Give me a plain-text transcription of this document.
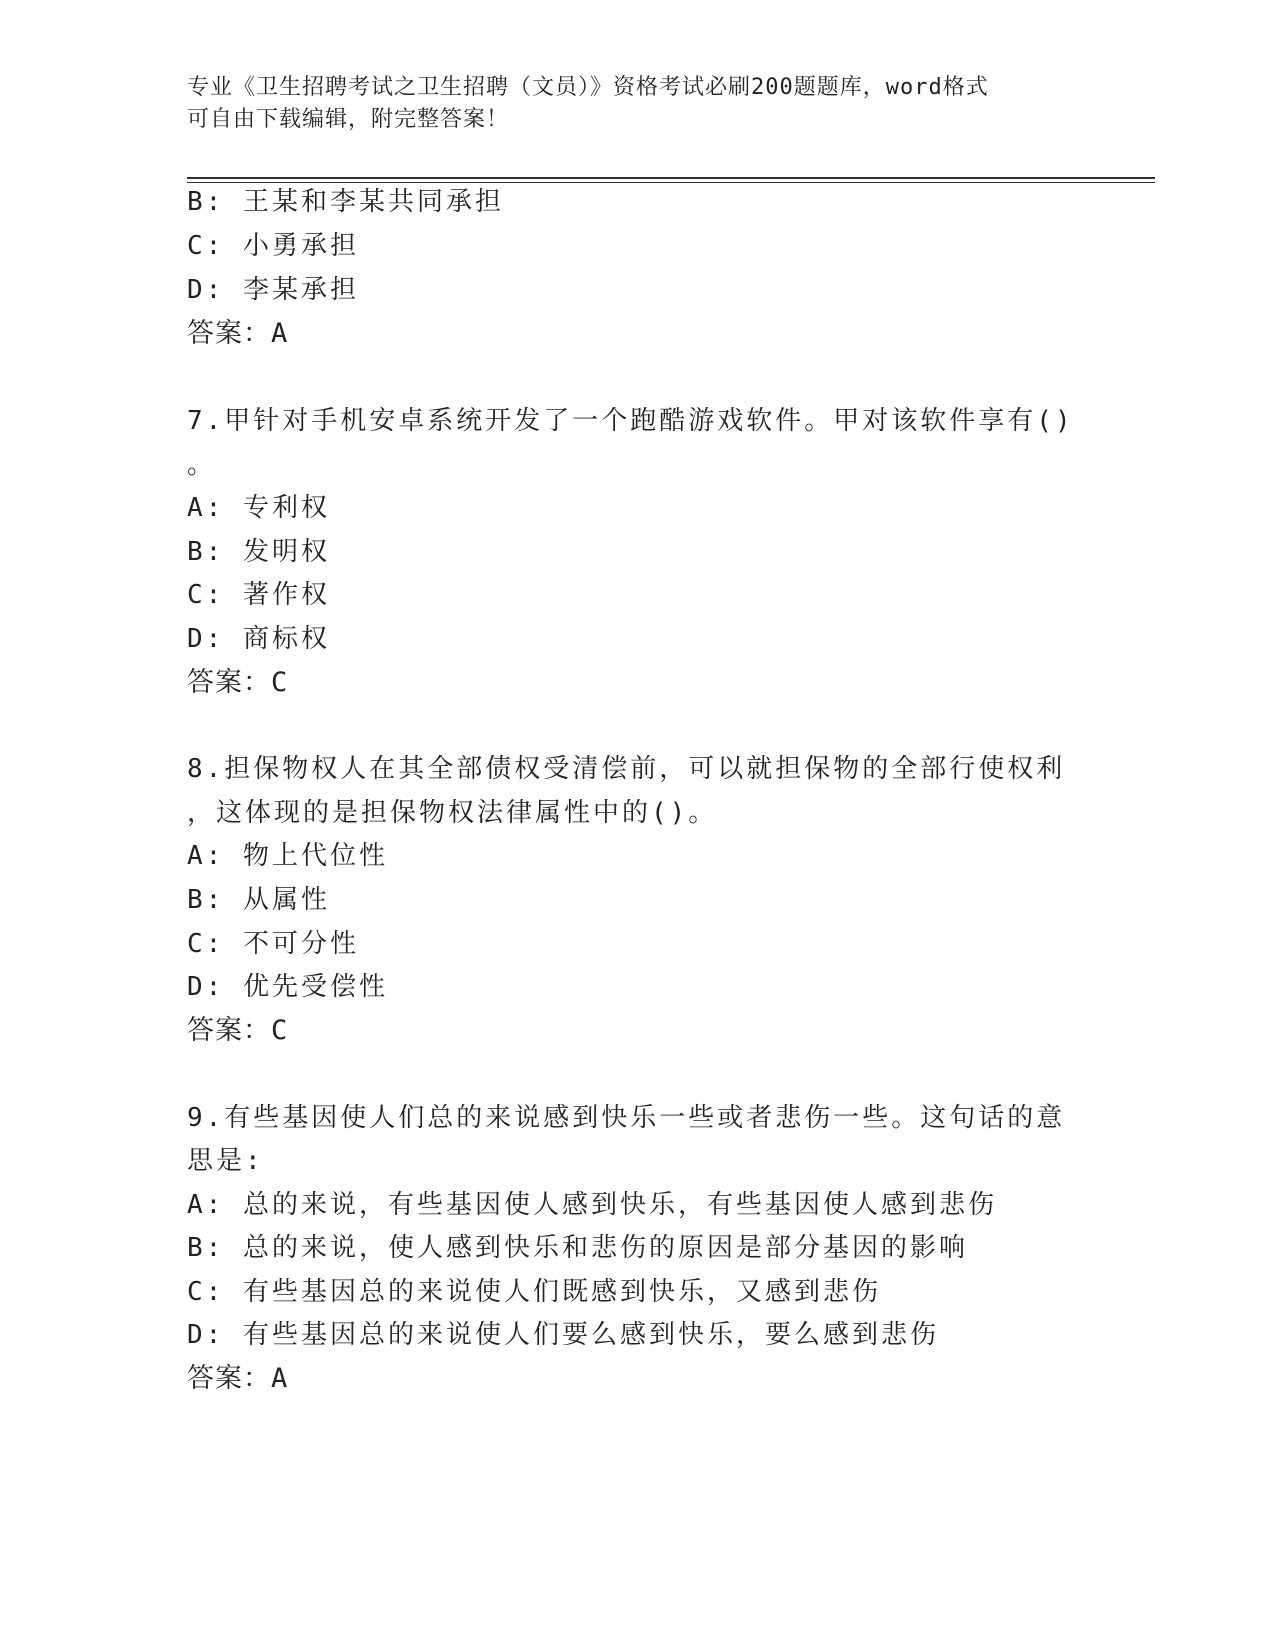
专业《卫生招聘考试之卫生招聘（文员）》资格考试必刷200题题库，word格式
可自由下载编辑，附完整答案！
B: 王某和李某共同承担
C: 小勇承担
D: 李某承担
答案：A
7.甲针对手机安卓系统开发了一个跑酷游戏软件。甲对该软件享有()
。
A: 专利权
B: 发明权
C: 著作权
D: 商标权
答案：C
8.担保物权人在其全部债权受清偿前，可以就担保物的全部行使权利
，这体现的是担保物权法律属性中的()。
A: 物上代位性
B: 从属性
C: 不可分性
D: 优先受偿性
答案：C
9.有些基因使人们总的来说感到快乐一些或者悲伤一些。这句话的意
思是:
A: 总的来说，有些基因使人感到快乐，有些基因使人感到悲伤
B: 总的来说，使人感到快乐和悲伤的原因是部分基因的影响
C: 有些基因总的来说使人们既感到快乐，又感到悲伤
D: 有些基因总的来说使人们要么感到快乐，要么感到悲伤
答案：A
